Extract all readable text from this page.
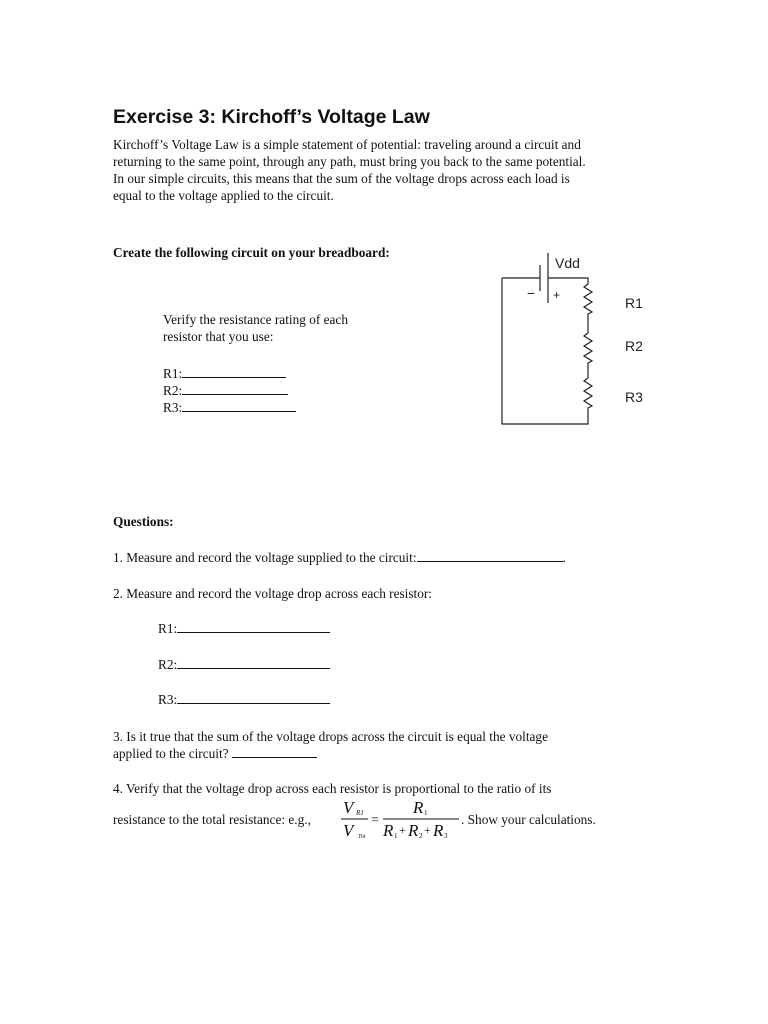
Exercise 3: Kirchoff’s Voltage Law

Kirchoff’s Voltage Law is a simple statement of potential: traveling around a circuit and

returning to the same point, through any path, must bring you back to the same potential.

In our simple circuits, this means that the sum of the voltage drops across each load is

equal to the voltage applied to the circuit.

Create the following circuit on your breadboard:
Verify the resistance rating of each
resistor that you use:
R1:
R2:
R3:
Vdd
− +	R1
R2
R3
Questions:
1. Measure and record the voltage supplied to the circuit:	.
2. Measure and record the voltage drop across each resistor:
R1:
R2:
R3:
3. Is it true that the sum of the voltage drops across the circuit is equal the voltage
applied to the circuit?
4. Verify that the voltage drop across each resistor is proportional to the ratio of its
resistance to the total resistance: e.g.,
V R1
V Tot
=
R 1
R 1 + R 2 + R 3
. Show your calculations.
